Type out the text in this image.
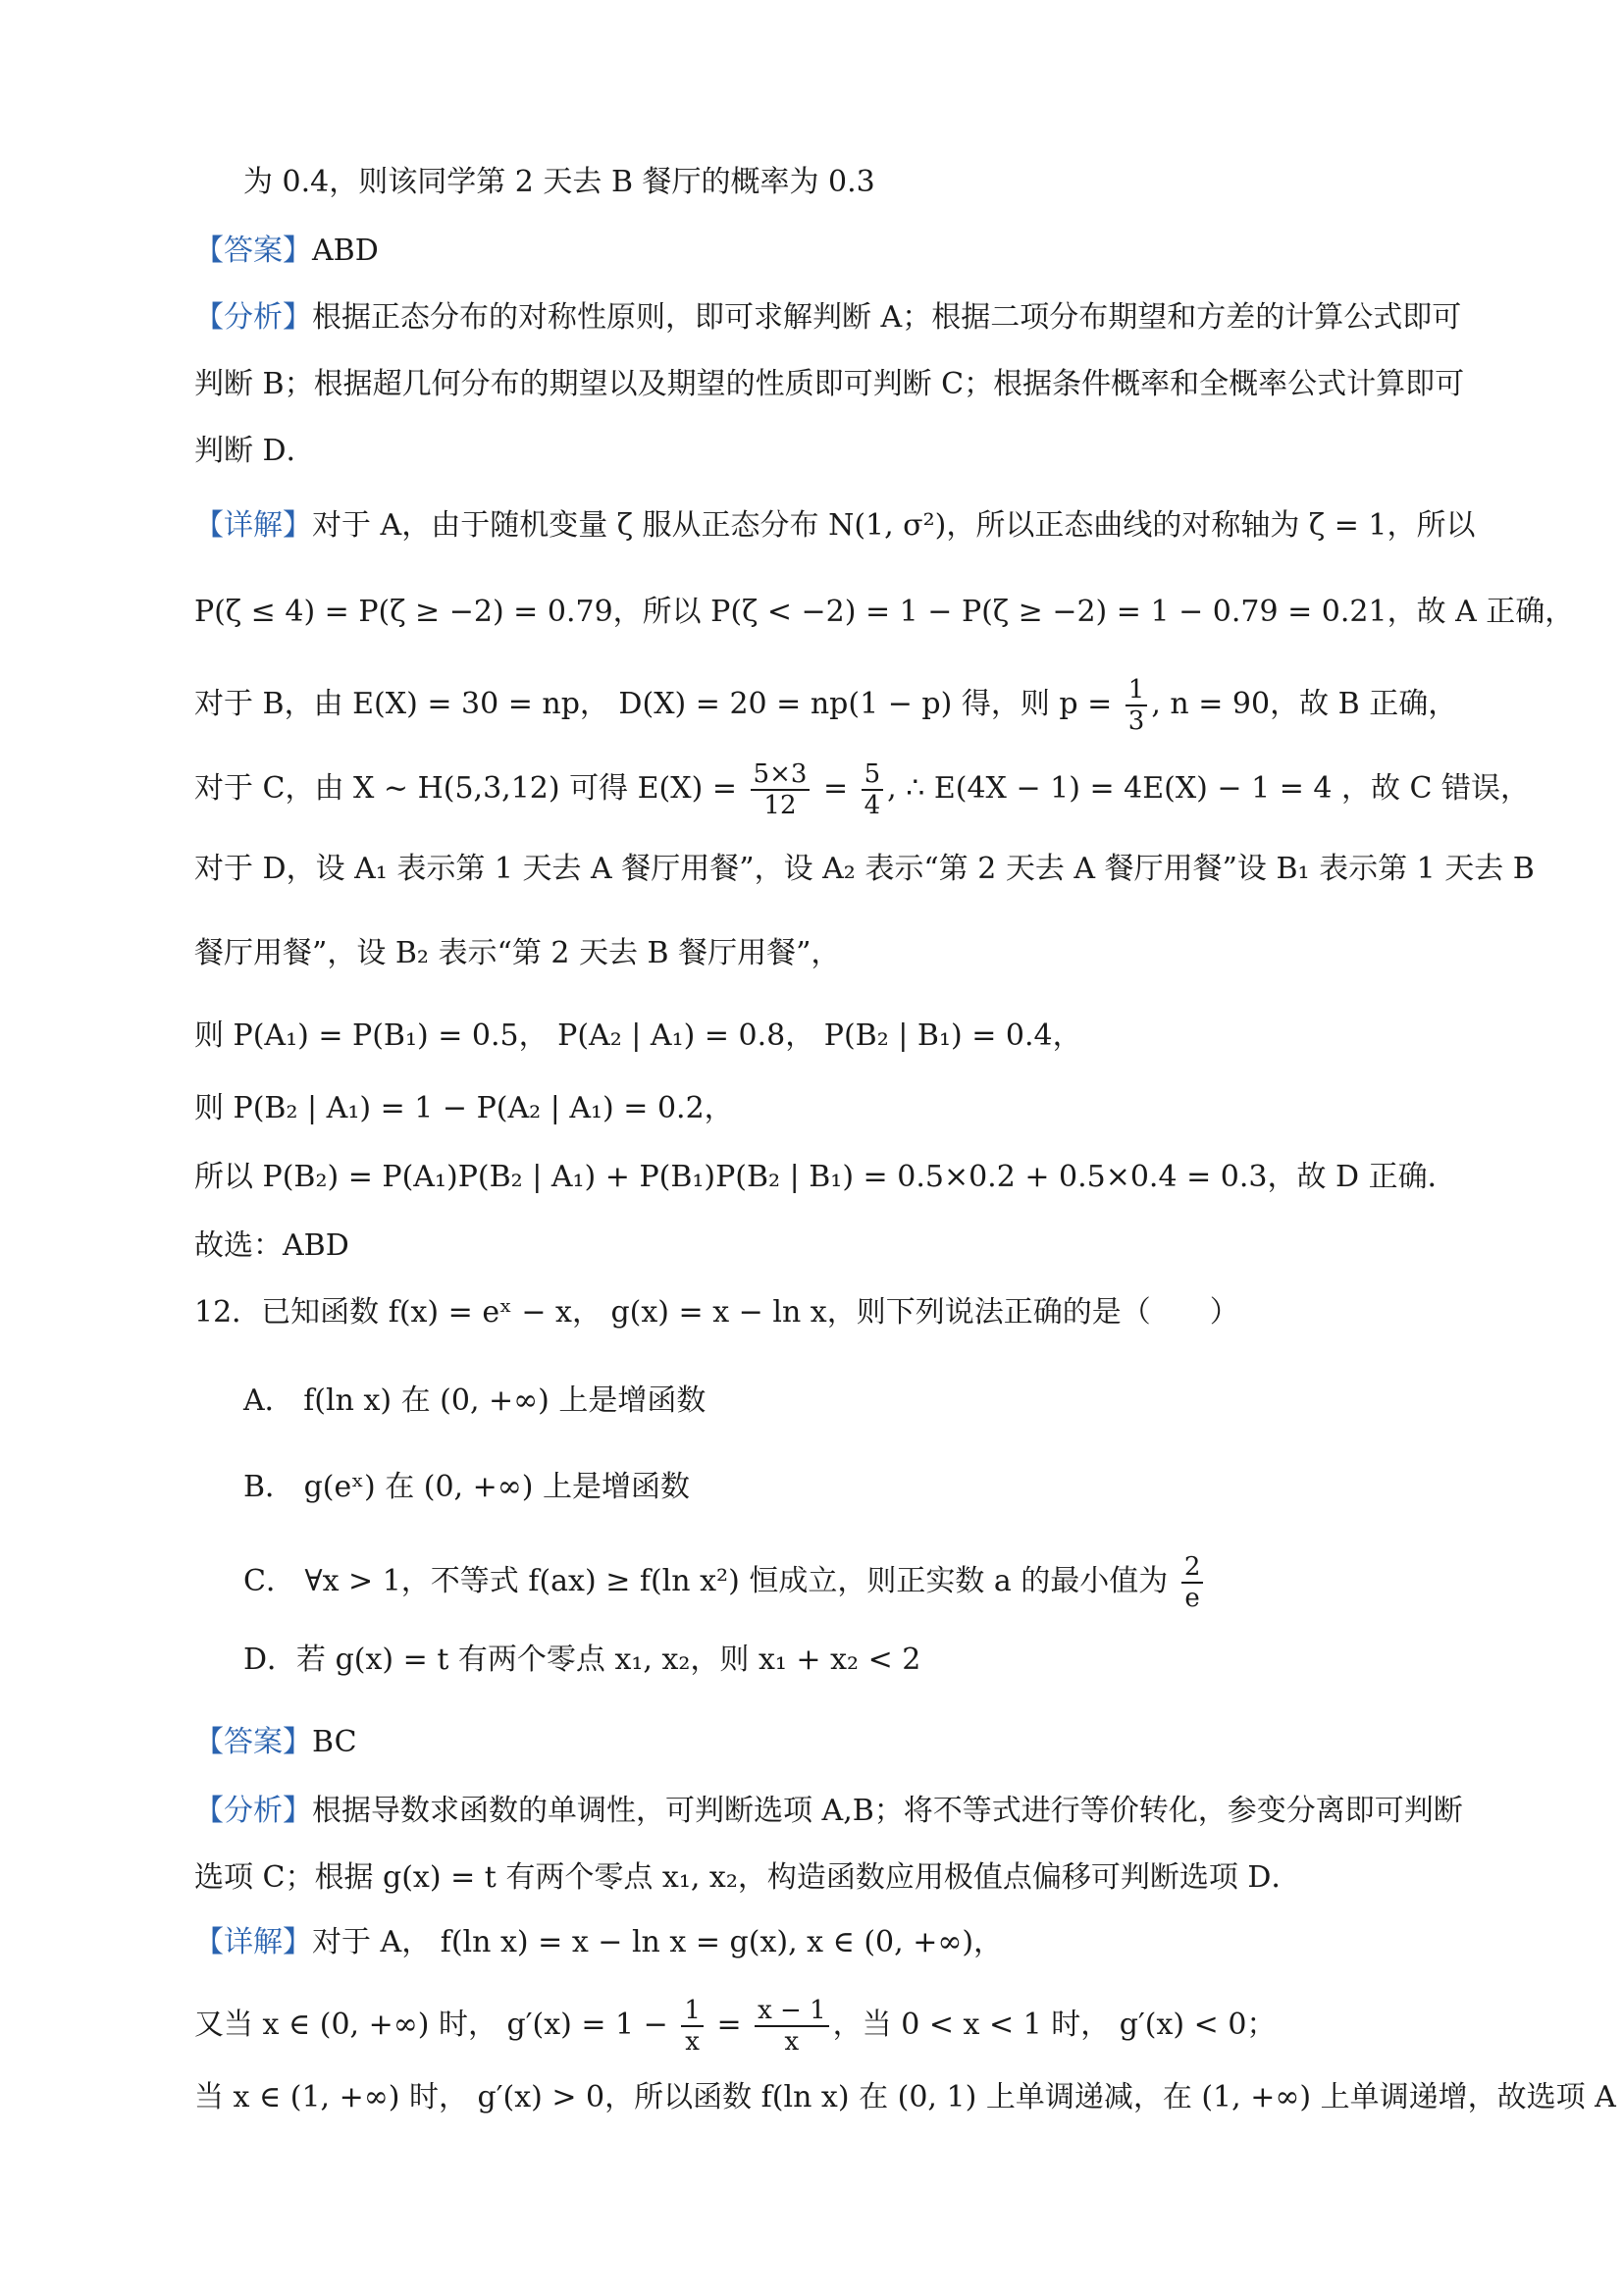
为 0.4，则该同学第 2 天去 B 餐厅的概率为 0.3
【答案】ABD
【分析】根据正态分布的对称性原则，即可求解判断 A；根据二项分布期望和方差的计算公式即可
判断 B；根据超几何分布的期望以及期望的性质即可判断 C；根据条件概率和全概率公式计算即可
判断 D．
【详解】对于 A，由于随机变量 ζ 服从正态分布 N(1, σ²)，所以正态曲线的对称轴为 ζ = 1，所以
P(ζ ≤ 4) = P(ζ ≥ −2) = 0.79，所以 P(ζ < −2) = 1 − P(ζ ≥ −2) = 1 − 0.79 = 0.21，故 A 正确，
对于 B，由 E(X) = 30 = np， D(X) = 20 = np(1 − p) 得，则 $p = \frac{1}{3}$ , n = 90，故 B 正确，
对于 C，由 X ~ H(5,3,12) 可得 $E(X) = \frac{5\times 3}{12} = \frac{5}{4}$ , ∴ E(4X − 1) = 4E(X) − 1 = 4 ，故 C 错误，
对于 D，设 A₁ 表示第 1 天去 A 餐厅用餐”，设 A₂ 表示“第 2 天去 A 餐厅用餐”设 B₁ 表示第 1 天去 B
餐厅用餐”，设 B₂ 表示“第 2 天去 B 餐厅用餐”，
则 P(A₁) = P(B₁) = 0.5， P(A₂ | A₁) = 0.8， P(B₂ | B₁) = 0.4，
则 P(B₂ | A₁) = 1 − P(A₂ | A₁) = 0.2，
所以 P(B₂) = P(A₁)P(B₂ | A₁) + P(B₁)P(B₂ | B₁) = 0.5×0.2 + 0.5×0.4 = 0.3，故 D 正确．
故选：ABD
12．已知函数 f(x) = eˣ − x， g(x) = x − ln x，则下列说法正确的是（　　）
A． f(ln x) 在 (0, +∞) 上是增函数
B． g(eˣ) 在 (0, +∞) 上是增函数
C． ∀x > 1，不等式 f(ax) ≥ f(ln x²) 恒成立，则正实数 a 的最小值为 $\frac{2}{e}$
D．若 g(x) = t 有两个零点 x₁, x₂，则 x₁ + x₂ < 2
【答案】BC
【分析】根据导数求函数的单调性，可判断选项 A,B；将不等式进行等价转化，参变分离即可判断
选项 C；根据 g(x) = t 有两个零点 x₁, x₂，构造函数应用极值点偏移可判断选项 D．
【详解】对于 A， f(ln x) = x − ln x = g(x), x ∈ (0, +∞)，
又当 x ∈ (0, +∞) 时， $g'(x) = 1 - \frac{1}{x} = \frac{x - 1}{x}$ ，当 0 < x < 1 时， g′(x) < 0；
当 x ∈ (1, +∞) 时， g′(x) > 0，所以函数 f(ln x) 在 (0, 1) 上单调递减，在 (1, +∞) 上单调递增，故选项 A
